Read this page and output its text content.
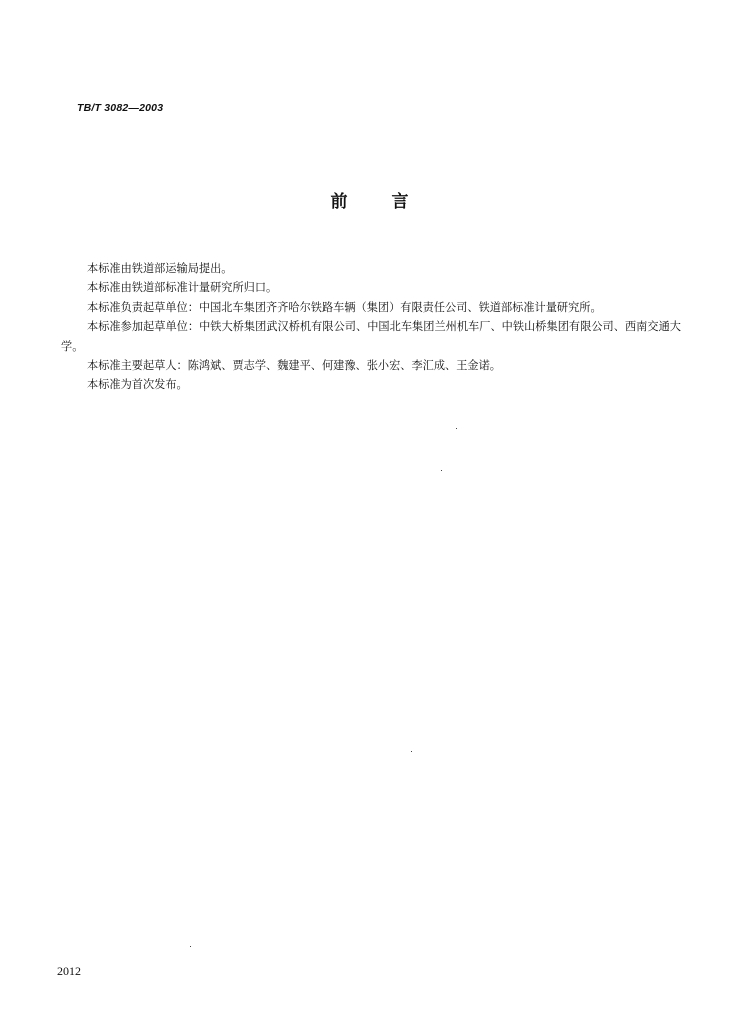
TB/T 3082—2003
前言

本标准由铁道部运输局提出。

本标准由铁道部标准计量研究所归口。

本标准负责起草单位：中国北车集团齐齐哈尔铁路车辆（集团）有限责任公司、铁道部标准计量研究所。

本标准参加起草单位：中铁大桥集团武汉桥机有限公司、中国北车集团兰州机车厂、中铁山桥集团有限公司、西南交通大学。

本标准主要起草人：陈鸿斌、贾志学、魏建平、何建豫、张小宏、李汇成、王金诺。

本标准为首次发布。

2012
